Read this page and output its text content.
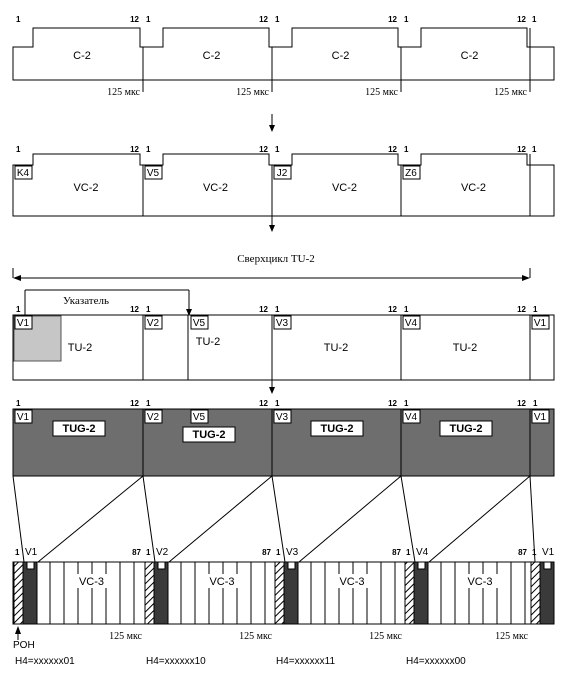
1	12
C-2
125 мкс
1	12
C-2
125 мкс
1	12
C-2
125 мкс
1	12
C-2
125 мкс
1
1	12
K4
VC-2
1	12
V5
VC-2
1	12
J2
VC-2
1	12
Z6
VC-2
1
Сверхцикл TU-2
Указатель
V1
1	12
V2
1	12
V3
1	12
V4
1	12
V1
1
V5
TU-2	TU-2	TU-2	TU-2
V1
1	12
V2
1	12
V3
1	12
V4
1	12
V1
1
V5
TUG-2	TUG-2	TUG-2	TUG-2
1	87
V1
VC-3
125 мкс
H4=xxxxxx01
1	87
V2
VC-3
125 мкс
H4=xxxxxx10
1	87
V3
VC-3
125 мкс
H4=xxxxxx11
1	87
V4
VC-3
125 мкс
H4=xxxxxx00
1 V1
POH
